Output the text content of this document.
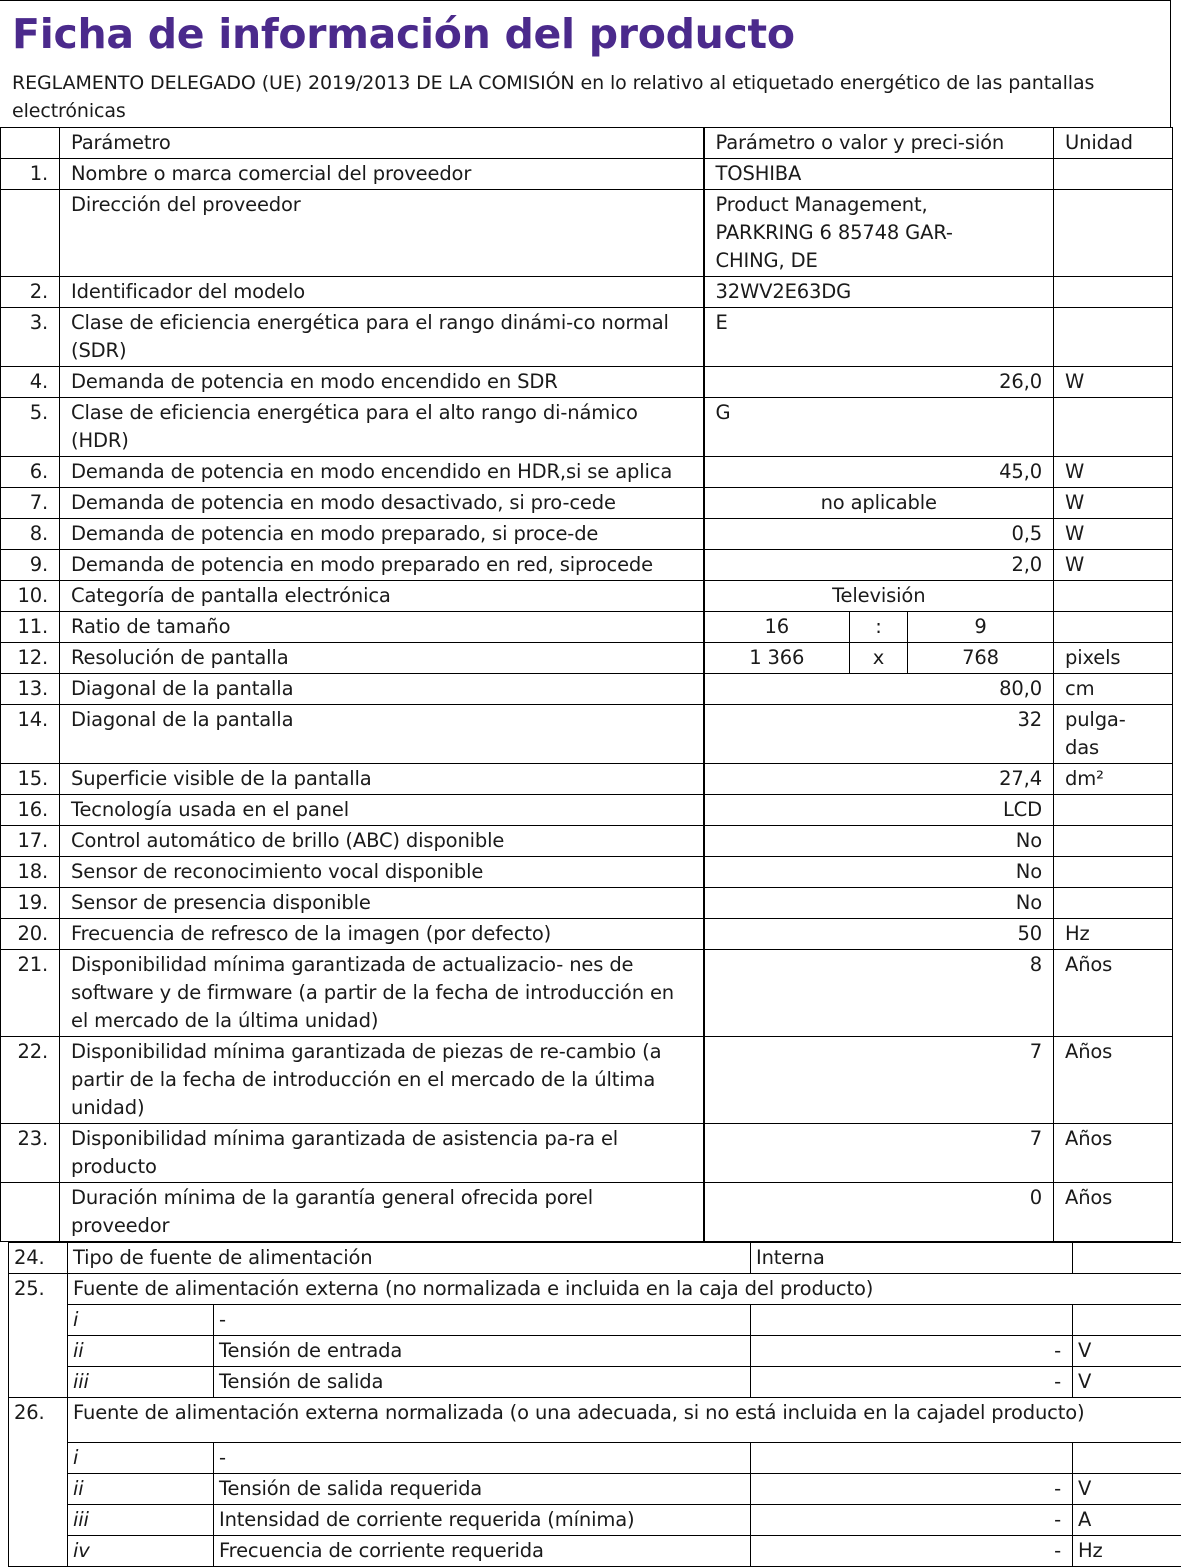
Ficha de información del producto
REGLAMENTO DELEGADO (UE) 2019/2013 DE LA COMISIÓN en lo relativo al etiquetado energético de las pantallas electrónicas
	Parámetro	Parámetro o valor y preci-sión			Unidad
1.	Nombre o marca comercial del proveedor	TOSHIBA			
	Dirección del proveedor	Product Management,
PARKRING 6 85748 GAR-
CHING, DE			
2.	Identificador del modelo	32WV2E63DG			
3.	Clase de eficiencia energética para el rango dinámi-co normal (SDR)	E			
4.	Demanda de potencia en modo encendido en SDR	26,0			W
5.	Clase de eficiencia energética para el alto rango di-námico (HDR)	G			
6.	Demanda de potencia en modo encendido en HDR,si se aplica	45,0			W
7.	Demanda de potencia en modo desactivado, si pro-cede	no aplicable			W
8.	Demanda de potencia en modo preparado, si proce-de	0,5			W
9.	Demanda de potencia en modo preparado en red, siprocede	2,0			W
10.	Categoría de pantalla electrónica	Televisión			
11.	Ratio de tamaño	16	:	9	
12.	Resolución de pantalla	1 366	x	768	pixels
13.	Diagonal de la pantalla	80,0			cm
14.	Diagonal de la pantalla	32			pulga-
das
15.	Superficie visible de la pantalla	27,4			dm²
16.	Tecnología usada en el panel	LCD			
17.	Control automático de brillo (ABC) disponible	No			
18.	Sensor de reconocimiento vocal disponible	No			
19.	Sensor de presencia disponible	No			
20.	Frecuencia de refresco de la imagen (por defecto)	50			Hz
21.	Disponibilidad mínima garantizada de actualizacio- nes de software y de firmware (a partir de la fecha de introducción en el mercado de la última unidad)	8			Años
22.	Disponibilidad mínima garantizada de piezas de re-cambio (a partir de la fecha de introducción en el mercado de la última unidad)	7			Años
23.	Disponibilidad mínima garantizada de asistencia pa-ra el producto	7			Años
	Duración mínima de la garantía general ofrecida porel proveedor	0			Años
24.	Tipo de fuente de alimentación		Interna	
25.	Fuente de alimentación externa (no normalizada e incluida en la caja del producto)			
	i	-		
	ii	Tensión de entrada	-	V
	iii	Tensión de salida	-	V
26.	Fuente de alimentación externa normalizada (o una adecuada, si no está incluida en la cajadel producto)			
	i	-		
	ii	Tensión de salida requerida	-	V
	iii	Intensidad de corriente requerida (mínima)	-	A
	iv	Frecuencia de corriente requerida	-	Hz
